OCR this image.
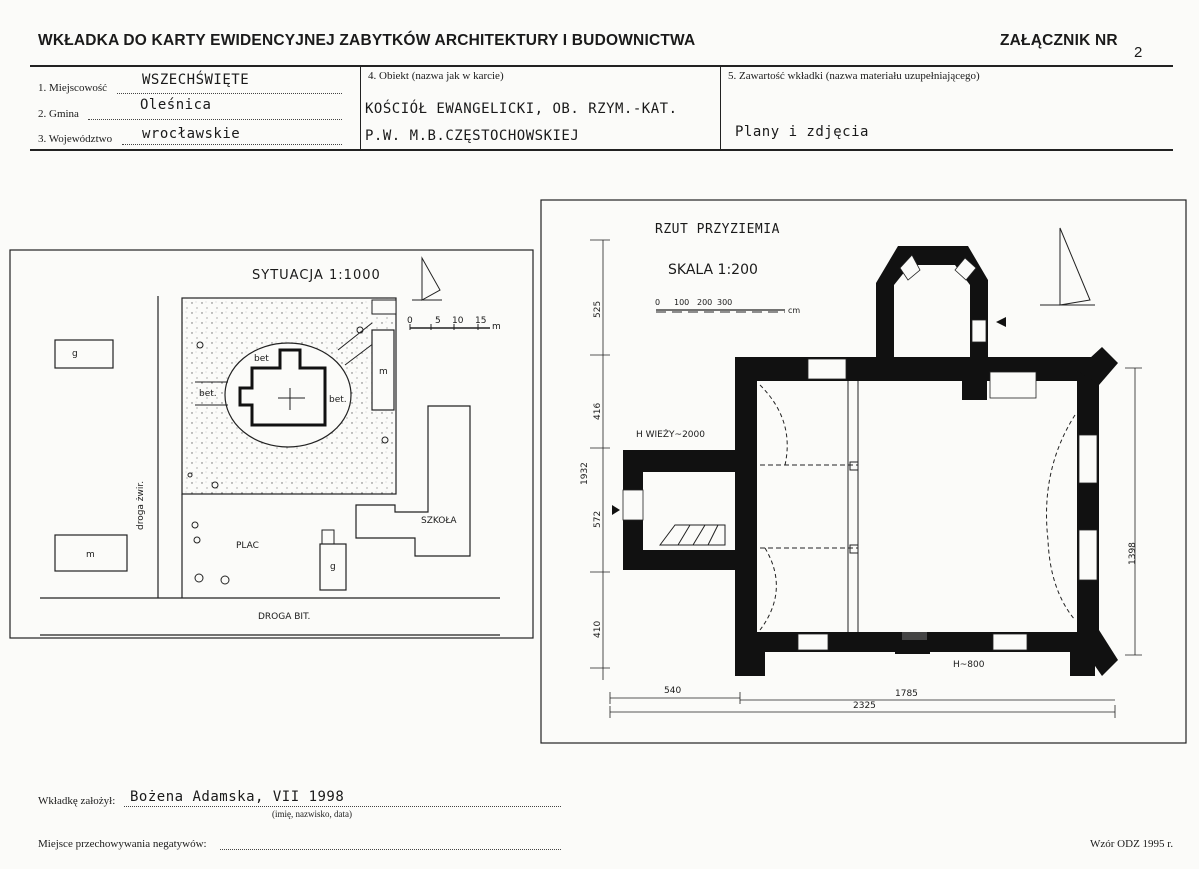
WKŁADKA DO KARTY EWIDENCYJNEJ ZABYTKÓW ARCHITEKTURY I BUDOWNICTWA	ZAŁĄCZNIK NR
2
1. Miejscowość WSZECHŚWIĘTE
2. Gmina
Oleśnica
3. Województwo wrocławskie
4. Obiekt (nazwa jak w karcie)
KOŚCIÓŁ EWANGELICKI, OB. RZYM.-KAT.
P.W. M.B.CZĘSTOCHOWSKIEJ
5. Zawartość wkładki (nazwa materiału uzupełniającego)
Plany i zdjęcia
SYTUACJA 1:1000
0 5 10 15
m
g	bet
bet.
bet.
m
SZKOŁA
PLAC
droga żwir.
m
g
DROGA BIT.
RZUT PRZYZIEMIA
SKALA 1:200
0 100 200 300
cm
H WIEŻY~2000
H~800
525
416
572
410
1932
1398
540	1785
2325
Wkładkę założył: Bożena Adamska, VII 1998
(imię, nazwisko, data)
Miejsce przechowywania negatywów:	Wzór ODZ 1995 r.
